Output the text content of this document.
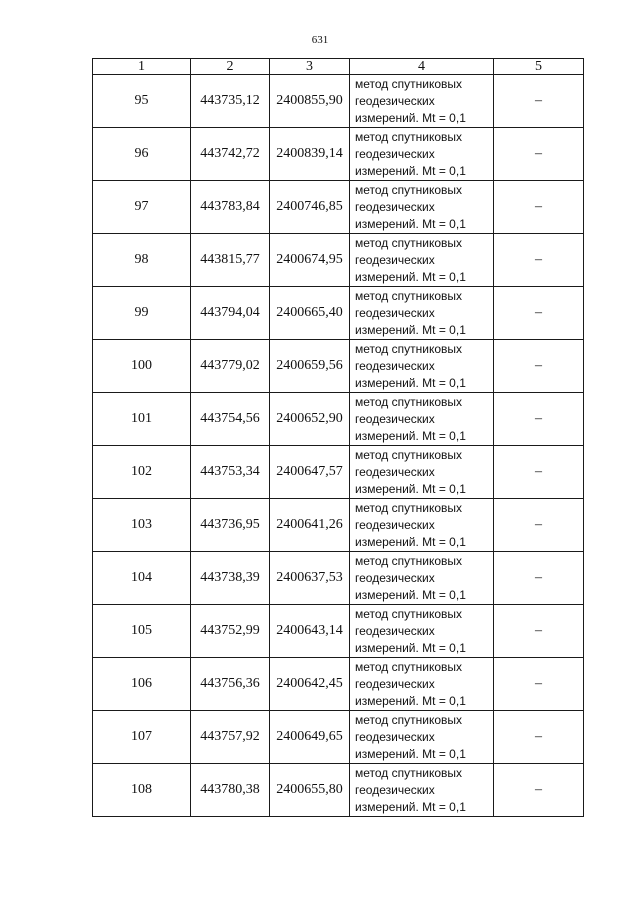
631
1	2	3	4	5
95	443735,12	2400855,90	метод спутниковых
геодезических
измерений. Mt = 0,1	–
96	443742,72	2400839,14	метод спутниковых
геодезических
измерений. Mt = 0,1	–
97	443783,84	2400746,85	метод спутниковых
геодезических
измерений. Mt = 0,1	–
98	443815,77	2400674,95	метод спутниковых
геодезических
измерений. Mt = 0,1	–
99	443794,04	2400665,40	метод спутниковых
геодезических
измерений. Mt = 0,1	–
100	443779,02	2400659,56	метод спутниковых
геодезических
измерений. Mt = 0,1	–
101	443754,56	2400652,90	метод спутниковых
геодезических
измерений. Mt = 0,1	–
102	443753,34	2400647,57	метод спутниковых
геодезических
измерений. Mt = 0,1	–
103	443736,95	2400641,26	метод спутниковых
геодезических
измерений. Mt = 0,1	–
104	443738,39	2400637,53	метод спутниковых
геодезических
измерений. Mt = 0,1	–
105	443752,99	2400643,14	метод спутниковых
геодезических
измерений. Mt = 0,1	–
106	443756,36	2400642,45	метод спутниковых
геодезических
измерений. Mt = 0,1	–
107	443757,92	2400649,65	метод спутниковых
геодезических
измерений. Mt = 0,1	–
108	443780,38	2400655,80	метод спутниковых
геодезических
измерений. Mt = 0,1	–
